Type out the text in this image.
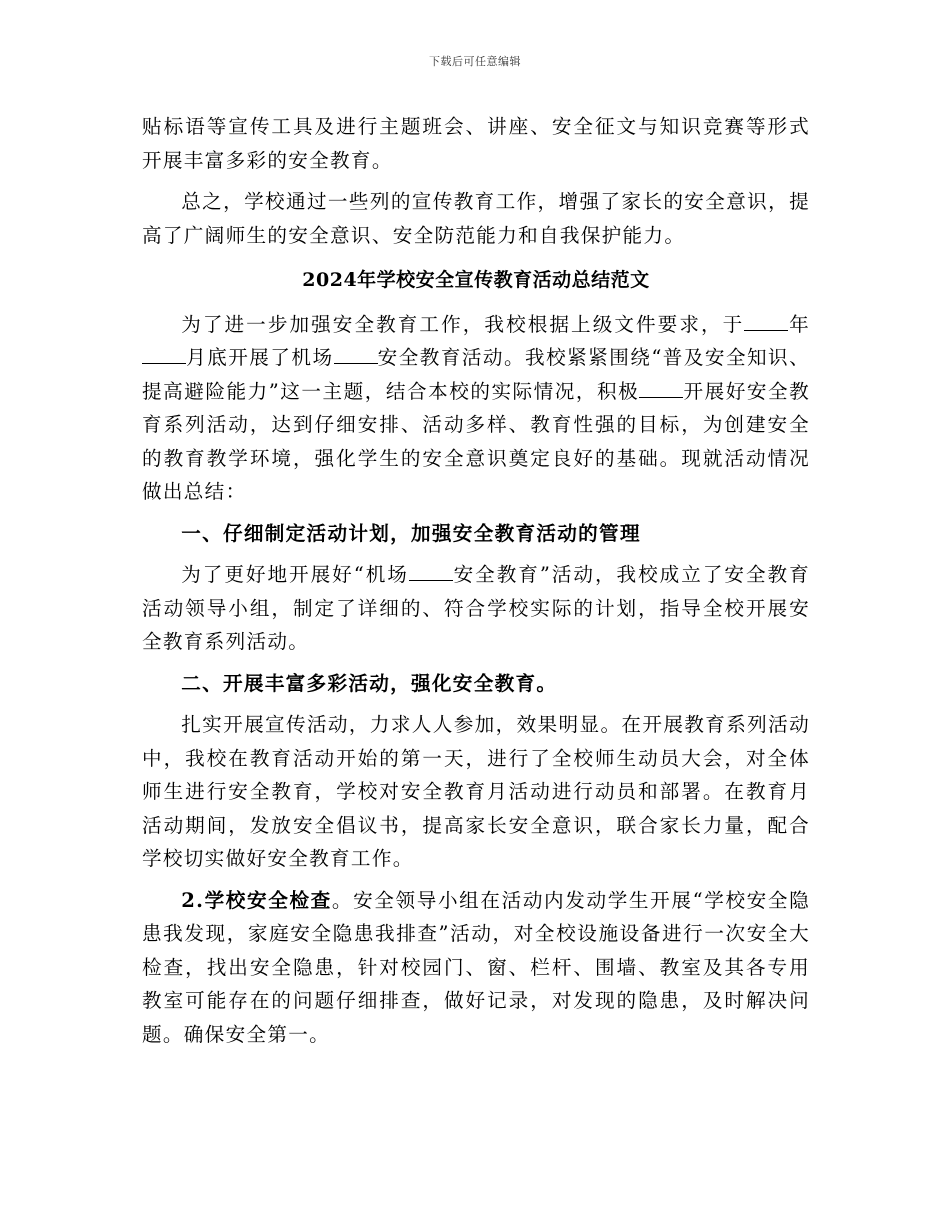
下载后可任意编辑

贴标语等宣传工具及进行主题班会、讲座、安全征文与知识竞赛等形式开展丰富多彩的安全教育。

总之，学校通过一些列的宣传教育工作，增强了家长的安全意识，提高了广阔师生的安全意识、安全防范能力和自我保护能力。

2024年学校安全宣传教育活动总结范文

为了进一步加强安全教育工作，我校根据上级文件要求，于 年月底开展了机场 安全教育活动。我校紧紧围绕“普及安全知识、提高避险能力”这一主题，结合本校的实际情况，积极 开展好安全教育系列活动，达到仔细安排、活动多样、教育性强的目标，为创建安全的教育教学环境，强化学生的安全意识奠定良好的基础。现就活动情况做出总结：

一、仔细制定活动计划，加强安全教育活动的管理

为了更好地开展好“机场 安全教育”活动，我校成立了安全教育活动领导小组，制定了详细的、符合学校实际的计划，指导全校开展安全教育系列活动。

二、开展丰富多彩活动，强化安全教育。

扎实开展宣传活动，力求人人参加，效果明显。在开展教育系列活动中，我校在教育活动开始的第一天，进行了全校师生动员大会，对全体师生进行安全教育，学校对安全教育月活动进行动员和部署。在教育月活动期间，发放安全倡议书，提高家长安全意识，联合家长力量，配合学校切实做好安全教育工作。

2.学校安全检查。安全领导小组在活动内发动学生开展“学校安全隐患我发现，家庭安全隐患我排查”活动，对全校设施设备进行一次安全大检查，找出安全隐患，针对校园门、窗、栏杆、围墙、教室及其各专用教室可能存在的问题仔细排查，做好记录，对发现的隐患，及时解决问题。确保安全第一。
